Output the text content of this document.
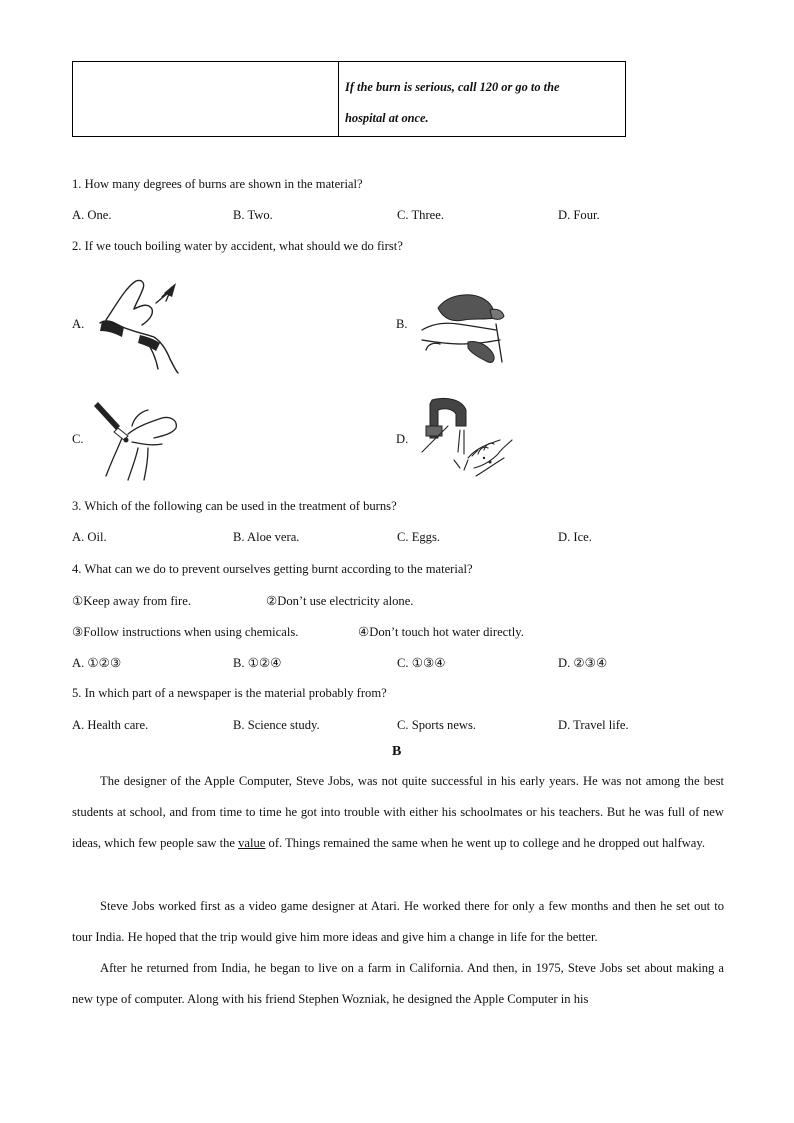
If the burn is serious, call 120 or go to the
hospital at once.
1. How many degrees of burns are shown in the material?
A. One.	B. Two.	C. Three.	D. Four.
2. If we touch boiling water by accident, what should we do first?
A.	B.
C.	D.
3. Which of the following can be used in the treatment of burns?
A. Oil.	B. Aloe vera.	C. Eggs.	D. Ice.
4. What can we do to prevent ourselves getting burnt according to the material?
①Keep away from fire.	②Don’t use electricity alone.
③Follow instructions when using chemicals.	④Don’t touch hot water directly.
A. ①②③	B. ①②④	C. ①③④	D. ②③④
5. In which part of a newspaper is the material probably from?
A. Health care.	B. Science study.	C. Sports news.	D. Travel life.
B
The designer of the Apple Computer, Steve Jobs, was not quite successful in his early years. He was not among the best students at school, and from time to time he got into trouble with either his schoolmates or his teachers. But he was full of new ideas, which few people saw the value of. Things remained the same when he went up to college and he dropped out halfway.
Steve Jobs worked first as a video game designer at Atari. He worked there for only a few months and then he set out to tour India. He hoped that the trip would give him more ideas and give him a change in life for the better.
After he returned from India, he began to live on a farm in California. And then, in 1975, Steve Jobs set about making a new type of computer. Along with his friend Stephen Wozniak, he designed the Apple Computer in his
